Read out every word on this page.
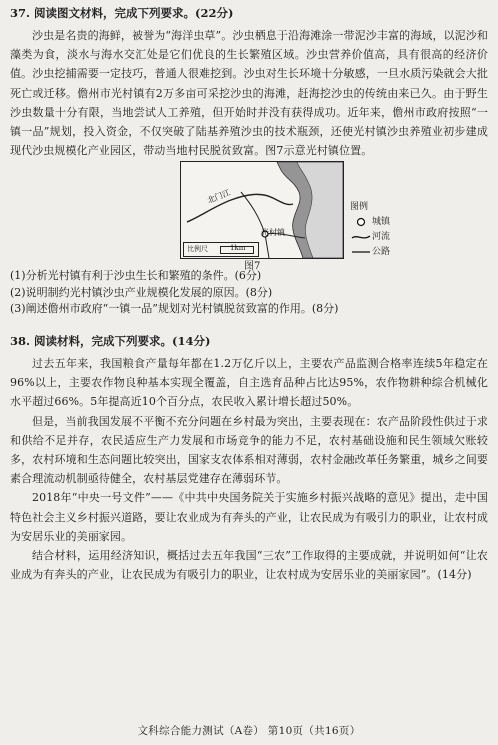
37. 阅读图文材料，完成下列要求。(22分)

沙虫是名贵的海鲜，被誉为“海洋虫草”。沙虫栖息于沿海滩涂一带泥沙丰富的海域，以泥沙和藻类为食，淡水与海水交汇处是它们优良的生长繁殖区域。沙虫营养价值高，具有很高的经济价值。沙虫挖捕需要一定技巧，普通人很难挖到。沙虫对生长环境十分敏感，一旦水质污染就会大批死亡或迁移。儋州市光村镇有2万多亩可采挖沙虫的海滩，赶海挖沙虫的传统由来已久。由于野生沙虫数量十分有限，当地尝试人工养殖，但开始时并没有获得成功。近年来，儋州市政府按照“一镇一品”规划，投入资金，不仅突破了陆基养殖沙虫的技术瓶颈，还使光村镇沙虫养殖业初步建成现代沙虫规模化产业园区，带动当地村民脱贫致富。图7示意光村镇位置。

北门江
光村镇
比例尺	1km
图例
城镇
河流
公路
图7

(1)分析光村镇有利于沙虫生长和繁殖的条件。(6分)

(2)说明制约光村镇沙虫产业规模化发展的原因。(8分)

(3)阐述儋州市政府“一镇一品”规划对光村镇脱贫致富的作用。(8分)

38. 阅读材料，完成下列要求。(14分)

过去五年来，我国粮食产量每年都在1.2万亿斤以上，主要农产品监测合格率连续5年稳定在96%以上，主要农作物良种基本实现全覆盖，自主选育品种占比达95%，农作物耕种综合机械化水平超过66%。5年提高近10个百分点，农民收入累计增长超过50%。

但是，当前我国发展不平衡不充分问题在乡村最为突出，主要表现在：农产品阶段性供过于求和供给不足并存，农民适应生产力发展和市场竞争的能力不足，农村基础设施和民生领域欠账较多，农村环境和生态问题比较突出，国家支农体系相对薄弱，农村金融改革任务繁重，城乡之间要素合理流动机制亟待健全，农村基层党建存在薄弱环节。

2018年“中央一号文件”——《中共中央国务院关于实施乡村振兴战略的意见》提出，走中国特色社会主义乡村振兴道路，要让农业成为有奔头的产业，让农民成为有吸引力的职业，让农村成为安居乐业的美丽家园。

结合材料，运用经济知识，概括过去五年我国“三农”工作取得的主要成就，并说明如何“让农业成为有奔头的产业，让农民成为有吸引力的职业，让农村成为安居乐业的美丽家园”。(14分)

文科综合能力测试（A卷） 第10页（共16页）
